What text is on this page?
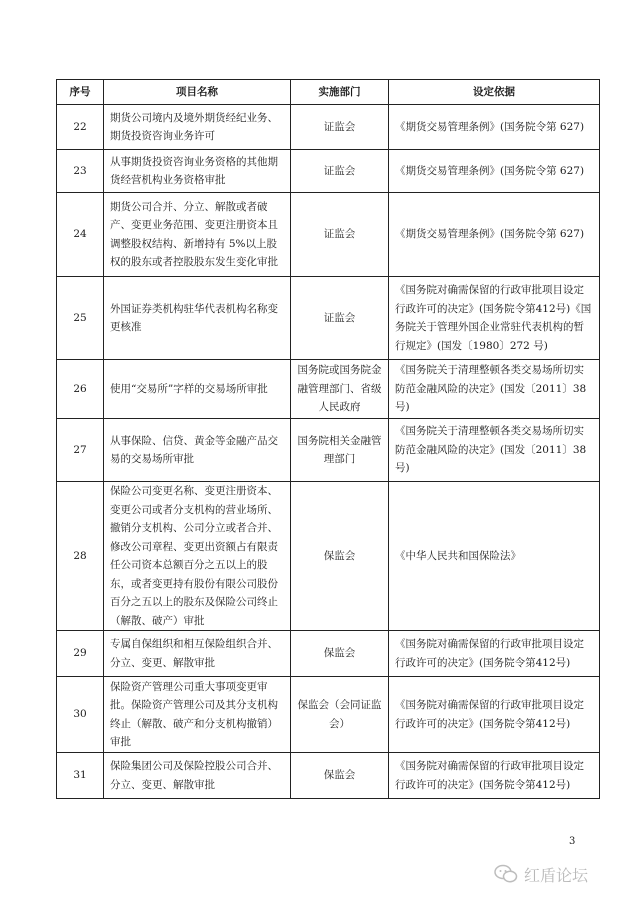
序号	项目名称	实施部门	设定依据
22	期货公司境内及境外期货经纪业务、期货投资咨询业务许可	证监会	《期货交易管理条例》(国务院令第 627)
23	从事期货投资咨询业务资格的其他期货经营机构业务资格审批	证监会	《期货交易管理条例》(国务院令第 627)
24	期货公司合并、分立、解散或者破产、变更业务范围、变更注册资本且调整股权结构、新增持有 5%以上股权的股东或者控股股东发生变化审批	证监会	《期货交易管理条例》(国务院令第 627)
25	外国证券类机构驻华代表机构名称变更核准	证监会	《国务院对确需保留的行政审批项目设定行政许可的决定》(国务院令第412号)《国务院关于管理外国企业常驻代表机构的暂行规定》(国发〔1980〕272 号)
26	使用“交易所”字样的交易场所审批	国务院或国务院金融管理部门、省级人民政府	《国务院关于清理整顿各类交易场所切实防范金融风险的决定》(国发〔2011〕38 号)
27	从事保险、信贷、黄金等金融产品交易的交易场所审批	国务院相关金融管理部门	《国务院关于清理整顿各类交易场所切实防范金融风险的决定》(国发〔2011〕38 号)
28	保险公司变更名称、变更注册资本、变更公司或者分支机构的营业场所、撤销分支机构、公司分立或者合并、修改公司章程、变更出资额占有限责任公司资本总额百分之五以上的股东，或者变更持有股份有限公司股份百分之五以上的股东及保险公司终止（解散、破产）审批	保监会	《中华人民共和国保险法》
29	专属自保组织和相互保险组织合并、分立、变更、解散审批	保监会	《国务院对确需保留的行政审批项目设定行政许可的决定》(国务院令第412号)
30	保险资产管理公司重大事项变更审批。保险资产管理公司及其分支机构终止（解散、破产和分支机构撤销）审批	保监会（会同证监会）	《国务院对确需保留的行政审批项目设定行政许可的决定》(国务院令第412号)
31	保险集团公司及保险控股公司合并、分立、变更、解散审批	保监会	《国务院对确需保留的行政审批项目设定行政许可的决定》(国务院令第412号)
3
红盾论坛
